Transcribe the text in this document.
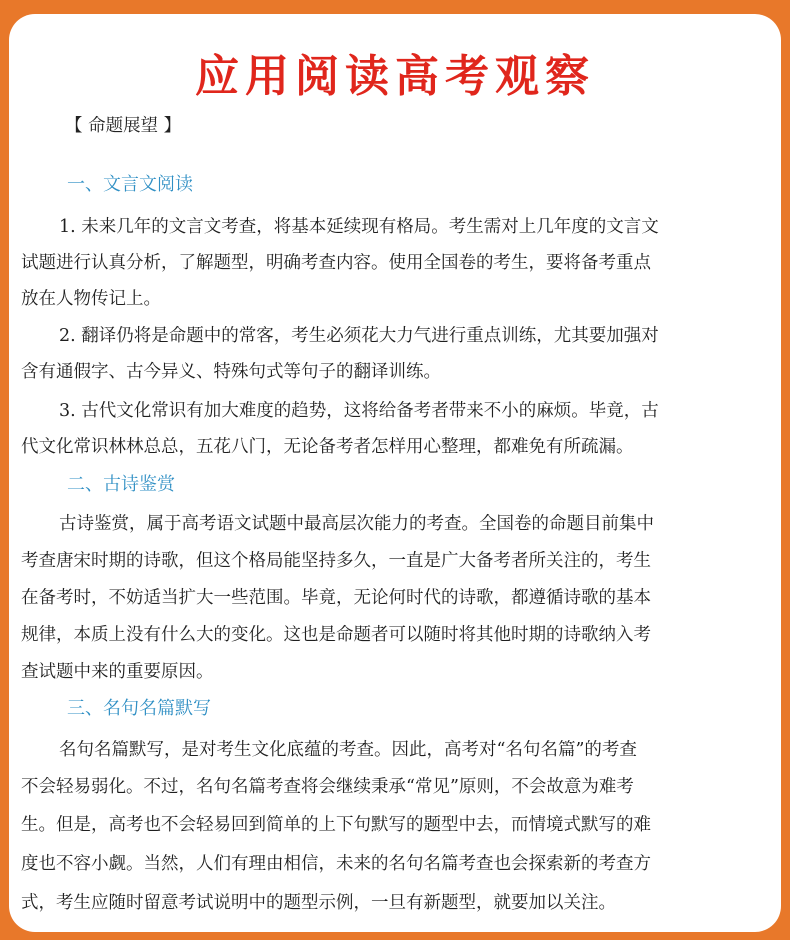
应用阅读高考观察
【 命题展望 】
一、文言文阅读
1. 未来几年的文言文考查，将基本延续现有格局。考生需对上几年度的文言文
试题进行认真分析，了解题型，明确考查内容。使用全国卷的考生，要将备考重点
放在人物传记上。
2. 翻译仍将是命题中的常客，考生必须花大力气进行重点训练，尤其要加强对
含有通假字、古今异义、特殊句式等句子的翻译训练。
3. 古代文化常识有加大难度的趋势，这将给备考者带来不小的麻烦。毕竟，古
代文化常识林林总总，五花八门，无论备考者怎样用心整理，都难免有所疏漏。
二、古诗鉴赏
古诗鉴赏，属于高考语文试题中最高层次能力的考查。全国卷的命题目前集中
考查唐宋时期的诗歌，但这个格局能坚持多久，一直是广大备考者所关注的，考生
在备考时，不妨适当扩大一些范围。毕竟，无论何时代的诗歌，都遵循诗歌的基本
规律，本质上没有什么大的变化。这也是命题者可以随时将其他时期的诗歌纳入考
查试题中来的重要原因。
三、名句名篇默写
名句名篇默写，是对考生文化底蕴的考查。因此，高考对“名句名篇”的考查
不会轻易弱化。不过，名句名篇考查将会继续秉承“常见”原则，不会故意为难考
生。但是，高考也不会轻易回到简单的上下句默写的题型中去，而情境式默写的难
度也不容小觑。当然，人们有理由相信，未来的名句名篇考查也会探索新的考查方
式，考生应随时留意考试说明中的题型示例，一旦有新题型，就要加以关注。
